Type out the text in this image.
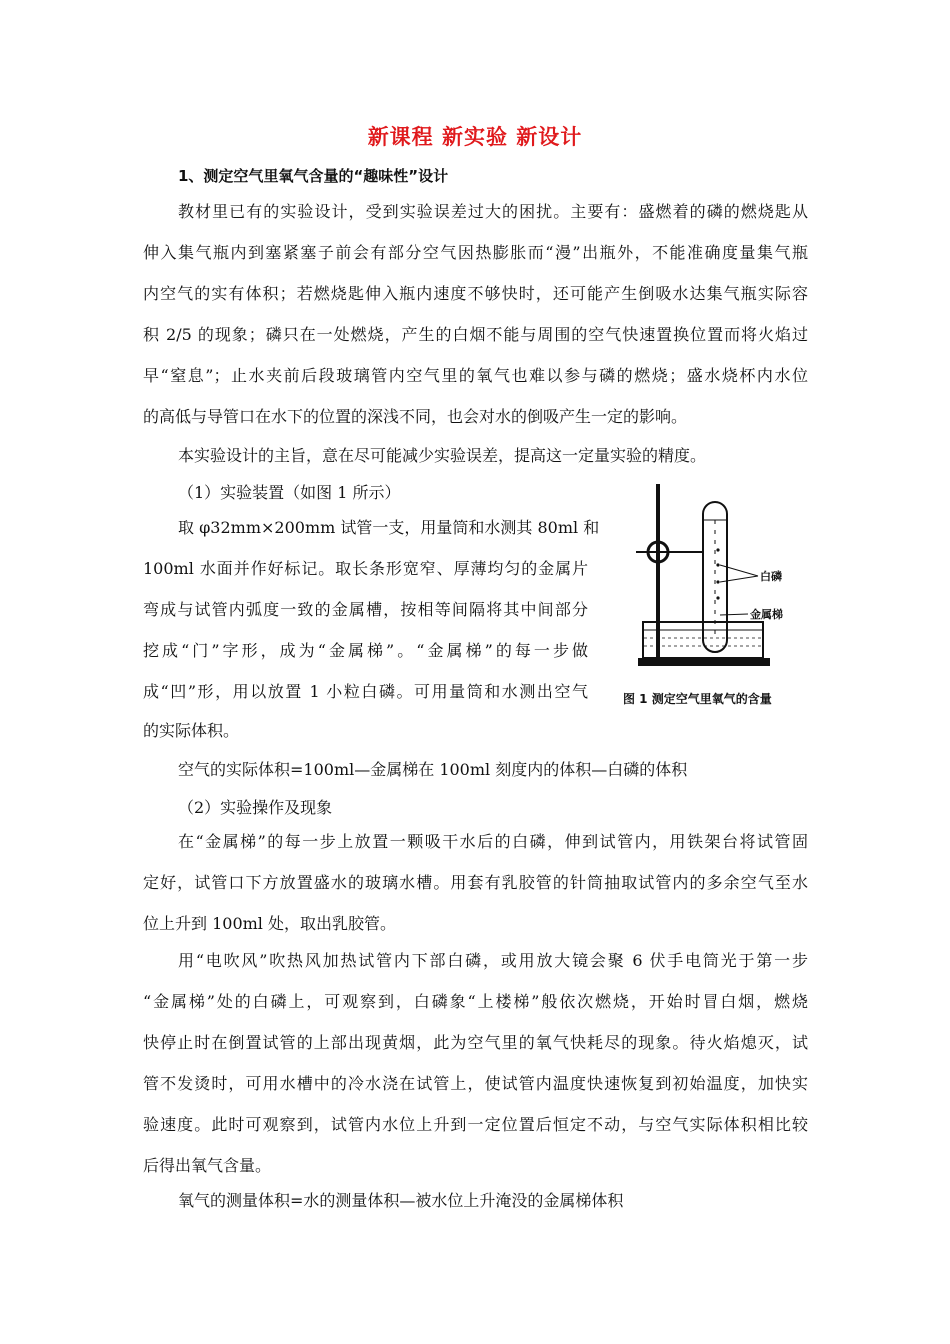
新课程 新实验 新设计
1、测定空气里氧气含量的“趣味性”设计
教材里已有的实验设计，受到实验误差过大的困扰。主要有：盛燃着的磷的燃烧匙从
伸入集气瓶内到塞紧塞子前会有部分空气因热膨胀而“漫”出瓶外，不能准确度量集气瓶
内空气的实有体积；若燃烧匙伸入瓶内速度不够快时，还可能产生倒吸水达集气瓶实际容
积 2/5 的现象；磷只在一处燃烧，产生的白烟不能与周围的空气快速置换位置而将火焰过
早“窒息”；止水夹前后段玻璃管内空气里的氧气也难以参与磷的燃烧；盛水烧杯内水位
的高低与导管口在水下的位置的深浅不同，也会对水的倒吸产生一定的影响。
本实验设计的主旨，意在尽可能减少实验误差，提高这一定量实验的精度。
（1）实验装置（如图 1 所示）
取 φ32mm×200mm 试管一支，用量筒和水测其 80ml 和
100ml 水面并作好标记。取长条形宽窄、厚薄均匀的金属片
弯成与试管内弧度一致的金属槽，按相等间隔将其中间部分
挖成“门”字形，成为“金属梯”。“金属梯”的每一步做
成“凹”形，用以放置 1 小粒白磷。可用量筒和水测出空气
的实际体积。
白磷
金属梯
图 1 测定空气里氧气的含量
空气的实际体积=100ml—金属梯在 100ml 刻度内的体积—白磷的体积
（2）实验操作及现象
在“金属梯”的每一步上放置一颗吸干水后的白磷，伸到试管内，用铁架台将试管固
定好，试管口下方放置盛水的玻璃水槽。用套有乳胶管的针筒抽取试管内的多余空气至水
位上升到 100ml 处，取出乳胶管。
用“电吹风”吹热风加热试管内下部白磷，或用放大镜会聚 6 伏手电筒光于第一步
“金属梯”处的白磷上，可观察到，白磷象“上楼梯”般依次燃烧，开始时冒白烟，燃烧
快停止时在倒置试管的上部出现黄烟，此为空气里的氧气快耗尽的现象。待火焰熄灭，试
管不发烫时，可用水槽中的冷水浇在试管上，使试管内温度快速恢复到初始温度，加快实
验速度。此时可观察到，试管内水位上升到一定位置后恒定不动，与空气实际体积相比较
后得出氧气含量。
氧气的测量体积=水的测量体积—被水位上升淹没的金属梯体积
